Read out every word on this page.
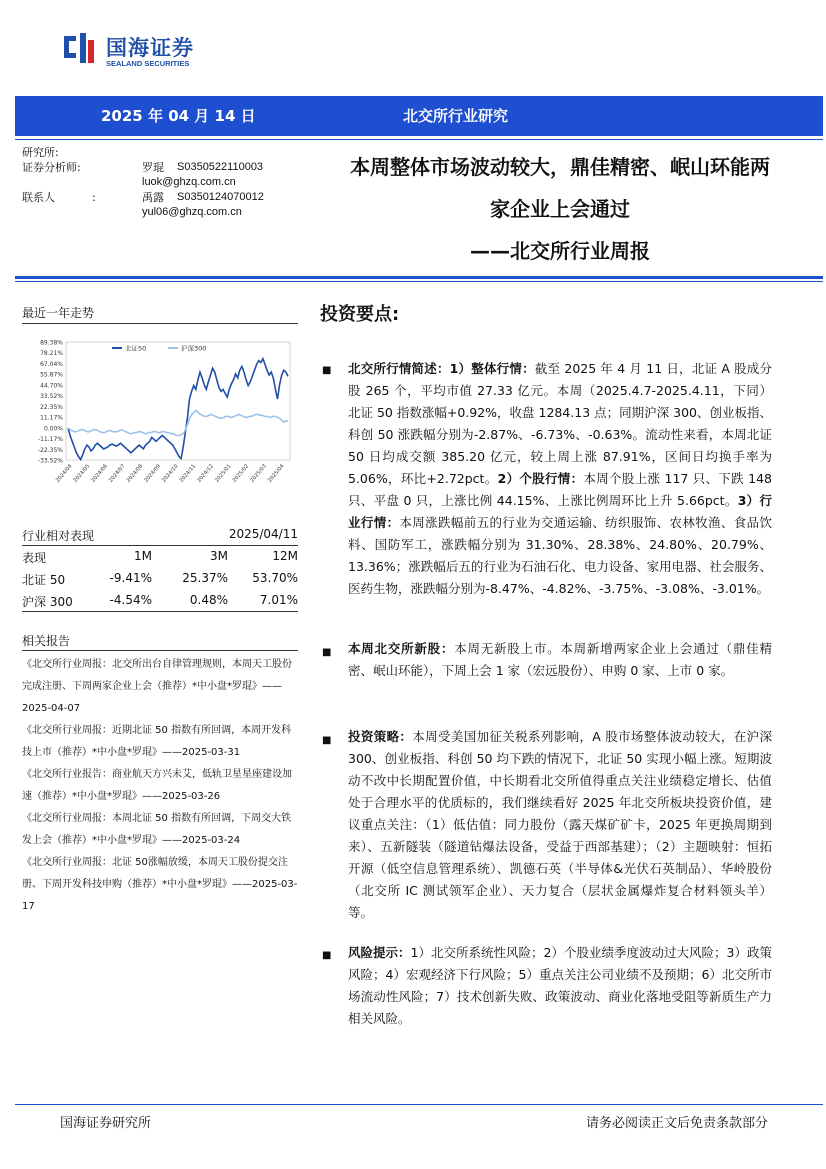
国海证券
SEALAND SECURITIES
2025 年 04 月 14 日	北交所行业研究
研究所:
证券分析师:	罗琨 S0350522110003
luok@ghzq.com.cn
联系人	:	禹露 S0350124070012
yul06@ghzq.com.cn
本周整体市场波动较大，鼎佳精密、岷山环能两
家企业上会通过
——北交所行业周报
最近一年走势
89.38%
78.21%
67.04%
55.87%
44.70%
33.52%
22.35%
11.17%
0.00%
-11.17%
-22.35%
-33.52%
2024/04 2024/05 2024/06 2024/07 2024/08 2024/09 2024/10 2024/11 2024/12 2025/01 2025/02 2025/03 2025/04
北证50	沪深300
行业相对表现	2025/04/11
表现	1M	3M	12M
北证 50	-9.41%	25.37% 53.70%
沪深 300	-4.54%	0.48%	7.01%
相关报告
《北交所行业周报：北交所出台自律管理规则，本周天工股份完成注册、下周两家企业上会（推荐）*中小盘*罗琨》——2025-04-07
《北交所行业周报：近期北证 50 指数有所回调，本周开发科技上市（推荐）*中小盘*罗琨》——2025-03-31
《北交所行业报告：商业航天方兴未艾，低轨卫星星座建设加速（推荐）*中小盘*罗琨》——2025-03-26
《北交所行业周报：本周北证 50 指数有所回调，下周交大铁发上会（推荐）*中小盘*罗琨》——2025-03-24
《北交所行业周报：北证 50涨幅放缓，本周天工股份提交注册、下周开发科技申购（推荐）*中小盘*罗琨》——2025-03-17
投资要点:
■ 北交所行情简述：1）整体行情：截至 2025 年 4 月 11 日，北证 A 股成分股 265 个，平均市值 27.33 亿元。本周（2025.4.7-2025.4.11，下同）北证 50 指数涨幅+0.92%，收盘 1284.13 点；同期沪深 300、创业板指、科创 50 涨跌幅分别为-2.87%、-6.73%、-0.63%。流动性来看，本周北证 50 日均成交额 385.20 亿元，较上周上涨 87.91%，区间日均换手率为 5.06%，环比+2.72pct。2）个股行情：本周个股上涨 117 只、下跌 148 只、平盘 0 只，上涨比例 44.15%、上涨比例周环比上升 5.66pct。3）行业行情：本周涨跌幅前五的行业为交通运输、纺织服饰、农林牧渔、食品饮料、国防军工，涨跌幅分别为 31.30%、28.38%、24.80%、20.79%、13.36%；涨跌幅后五的行业为石油石化、电力设备、家用电器、社会服务、医药生物，涨跌幅分别为-8.47%、-4.82%、-3.75%、-3.08%、-3.01%。
■ 本周北交所新股：本周无新股上市。本周新增两家企业上会通过（鼎佳精密、岷山环能），下周上会 1 家（宏远股份）、申购 0 家、上市 0 家。
■ 投资策略：本周受美国加征关税系列影响，A 股市场整体波动较大，在沪深 300、创业板指、科创 50 均下跌的情况下，北证 50 实现小幅上涨。短期波动不改中长期配置价值，中长期看北交所值得重点关注业绩稳定增长、估值处于合理水平的优质标的，我们继续看好 2025 年北交所板块投资价值，建议重点关注：（1）低估值：同力股份（露天煤矿矿卡，2025 年更换周期到来）、五新隧装（隧道钻爆法设备，受益于西部基建）；（2）主题映射：恒拓开源（低空信息管理系统）、凯德石英（半导体&光伏石英制品）、华岭股份（北交所 IC 测试领军企业）、天力复合（层状金属爆炸复合材料领头羊）等。
■ 风险提示：1）北交所系统性风险；2）个股业绩季度波动过大风险；3）政策风险；4）宏观经济下行风险；5）重点关注公司业绩不及预期；6）北交所市场流动性风险；7）技术创新失败、政策波动、商业化落地受阻等新质生产力相关风险。
国海证券研究所	请务必阅读正文后免责条款部分
